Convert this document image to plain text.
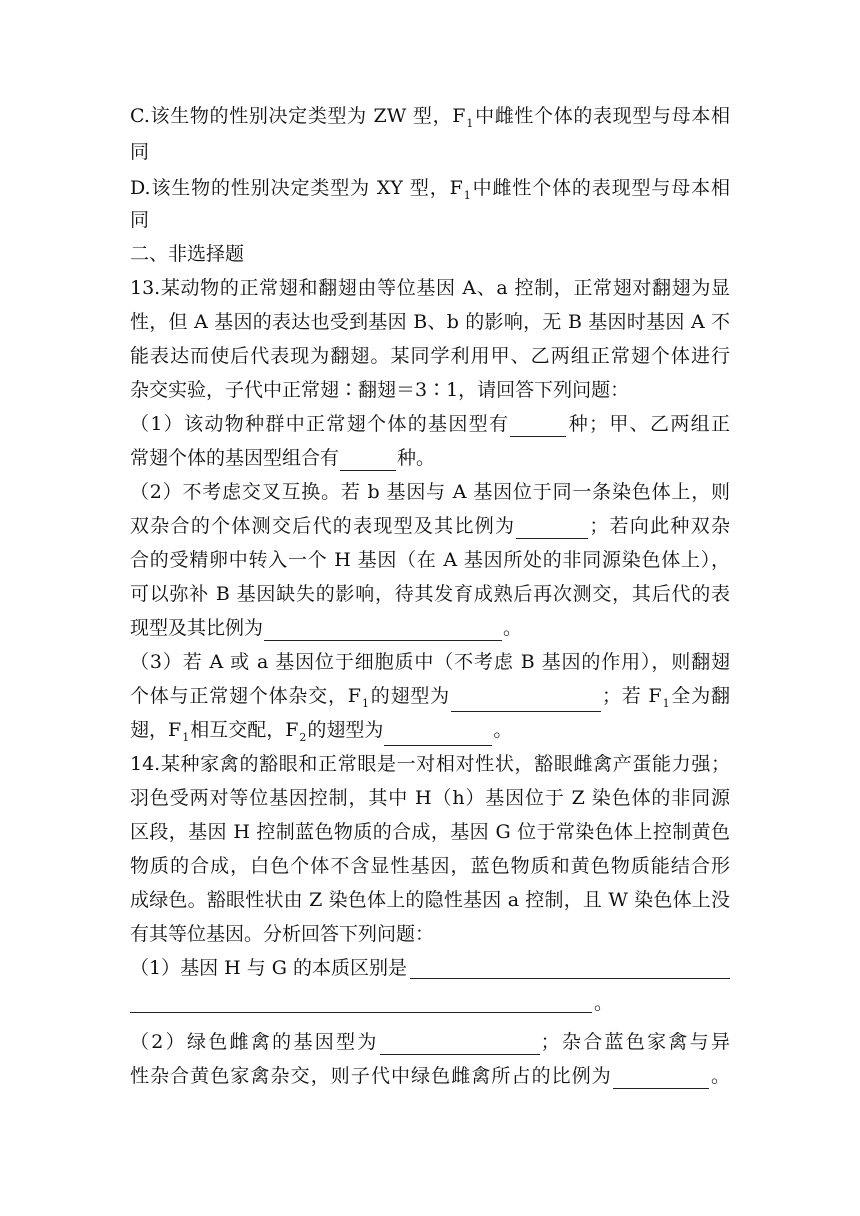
C.该生物的性别决定类型为 ZW 型，$F_1$中雌性个体的表现型与母本相
同
D.该生物的性别决定类型为 XY 型，$F_1$中雌性个体的表现型与母本相
同
二、非选择题
13.某动物的正常翅和翻翅由等位基因 A、a 控制，正常翅对翻翅为显
性，但 A 基因的表达也受到基因 B、b 的影响，无 B 基因时基因 A 不
能表达而使后代表现为翻翅。某同学利用甲、乙两组正常翅个体进行
杂交实验，子代中正常翅∶翻翅＝3∶1，请回答下列问题：
（1）该动物种群中正常翅个体的基因型有	种；甲、乙两组正
常翅个体的基因型组合有	种。
（2）不考虑交叉互换。若 b 基因与 A 基因位于同一条染色体上，则
双杂合的个体测交后代的表现型及其比例为	；若向此种双杂
合的受精卵中转入一个 H 基因（在 A 基因所处的非同源染色体上），
可以弥补 B 基因缺失的影响，待其发育成熟后再次测交，其后代的表
现型及其比例为	。
（3）若 A 或 a 基因位于细胞质中（不考虑 B 基因的作用），则翻翅
个体与正常翅个体杂交，$F_1$的翅型为	；若 $F_1$全为翻
翅，$F_1$相互交配，$F_2$的翅型为	。
14.某种家禽的豁眼和正常眼是一对相对性状，豁眼雌禽产蛋能力强；
羽色受两对等位基因控制，其中 H（h）基因位于 Z 染色体的非同源
区段，基因 H 控制蓝色物质的合成，基因 G 位于常染色体上控制黄色
物质的合成，白色个体不含显性基因，蓝色物质和黄色物质能结合形
成绿色。豁眼性状由 Z 染色体上的隐性基因 a 控制，且 W 染色体上没
有其等位基因。分析回答下列问题：
（1）基因 H 与 G 的本质区别是
。
（2）绿色雌禽的基因型为	；杂合蓝色家禽与异
性杂合黄色家禽杂交，则子代中绿色雌禽所占的比例为	。
